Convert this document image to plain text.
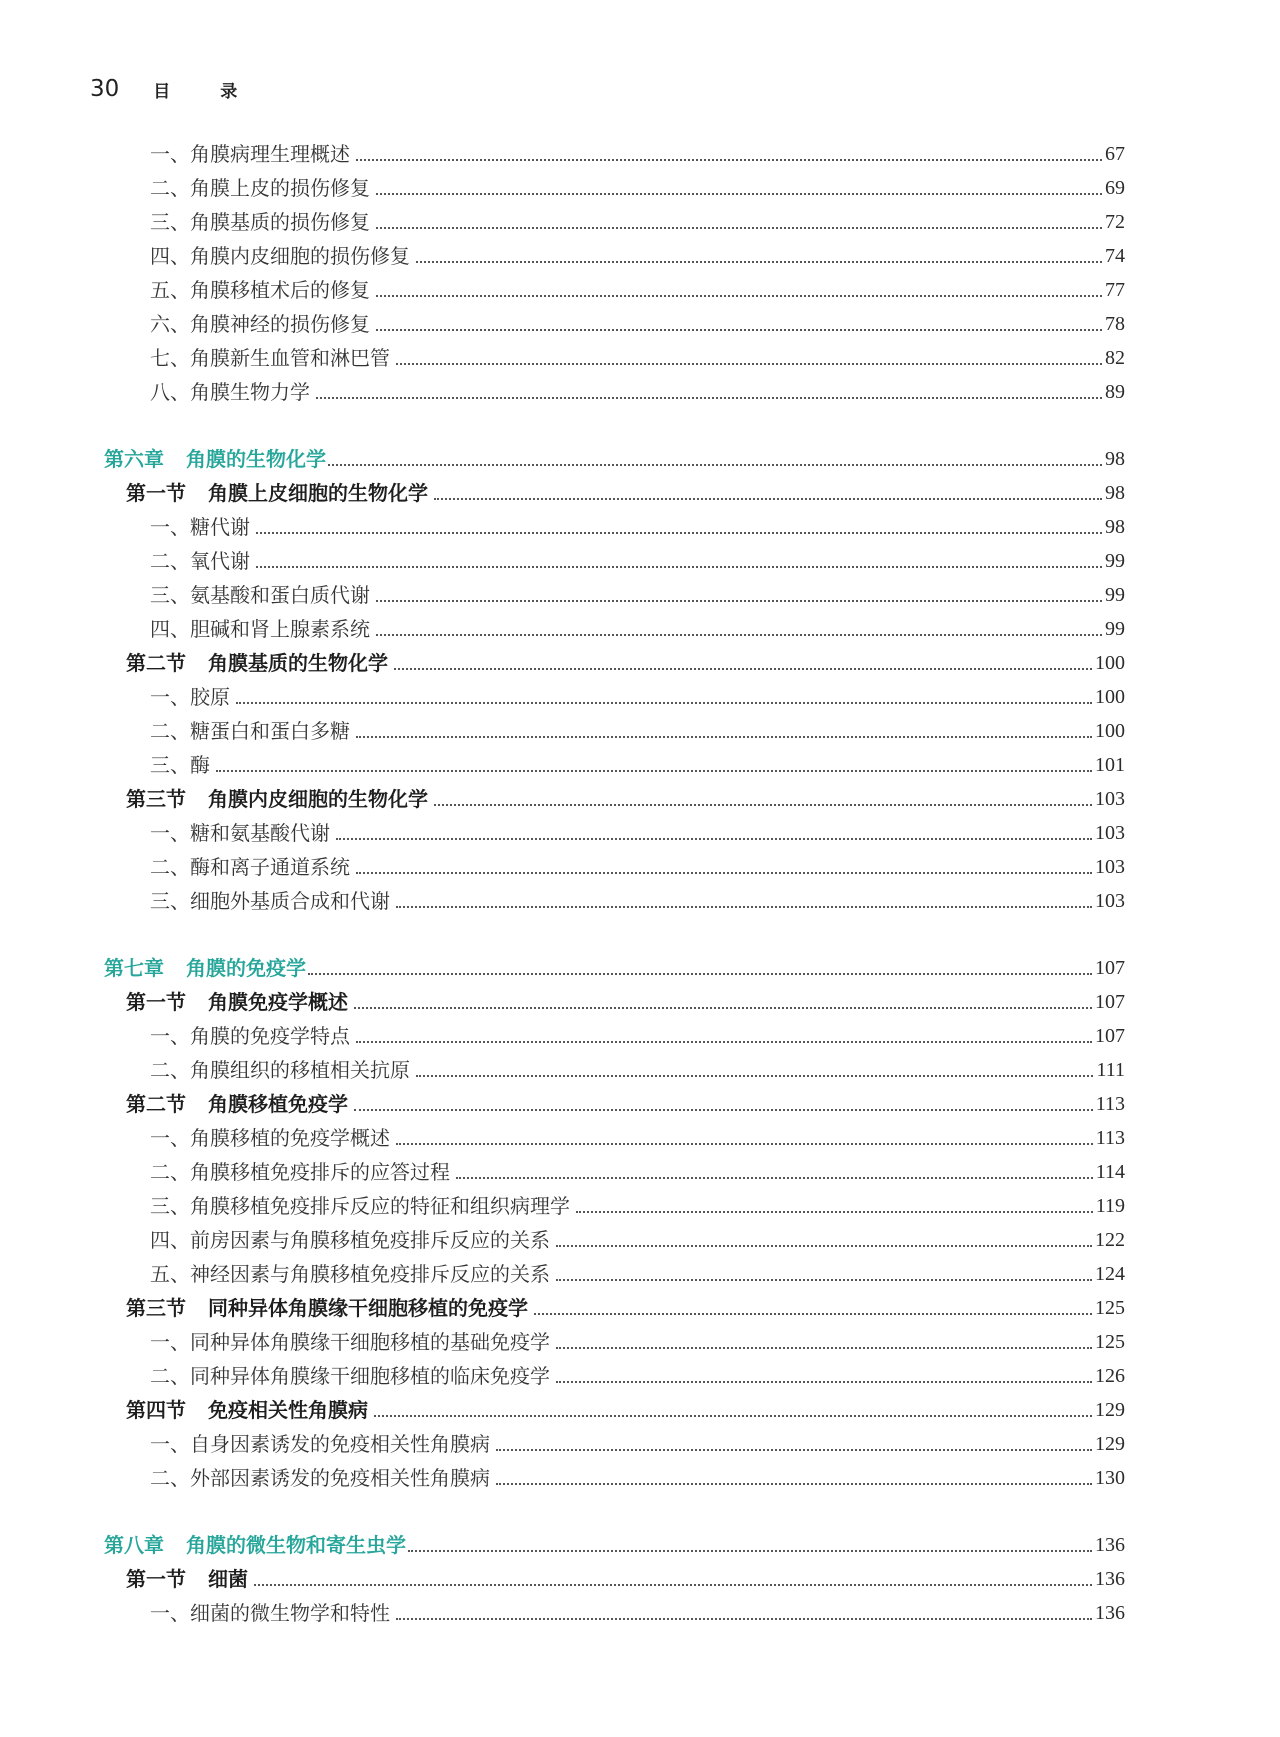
30 目 录
一、角膜病理生理概述	67
二、角膜上皮的损伤修复	69
三、角膜基质的损伤修复	72
四、角膜内皮细胞的损伤修复	74
五、角膜移植术后的修复	77
六、角膜神经的损伤修复	78
七、角膜新生血管和淋巴管	82
八、角膜生物力学	89
第六章 角膜的生物化学	98
第一节 角膜上皮细胞的生物化学	98
一、糖代谢	98
二、氧代谢	99
三、氨基酸和蛋白质代谢	99
四、胆碱和肾上腺素系统	99
第二节 角膜基质的生物化学	100
一、胶原	100
二、糖蛋白和蛋白多糖	100
三、酶	101
第三节 角膜内皮细胞的生物化学	103
一、糖和氨基酸代谢	103
二、酶和离子通道系统	103
三、细胞外基质合成和代谢	103
第七章 角膜的免疫学	107
第一节 角膜免疫学概述	107
一、角膜的免疫学特点	107
二、角膜组织的移植相关抗原	111
第二节 角膜移植免疫学	113
一、角膜移植的免疫学概述	113
二、角膜移植免疫排斥的应答过程	114
三、角膜移植免疫排斥反应的特征和组织病理学	119
四、前房因素与角膜移植免疫排斥反应的关系	122
五、神经因素与角膜移植免疫排斥反应的关系	124
第三节 同种异体角膜缘干细胞移植的免疫学	125
一、同种异体角膜缘干细胞移植的基础免疫学	125
二、同种异体角膜缘干细胞移植的临床免疫学	126
第四节 免疫相关性角膜病	129
一、自身因素诱发的免疫相关性角膜病	129
二、外部因素诱发的免疫相关性角膜病	130
第八章 角膜的微生物和寄生虫学	136
第一节 细菌	136
一、细菌的微生物学和特性	136
